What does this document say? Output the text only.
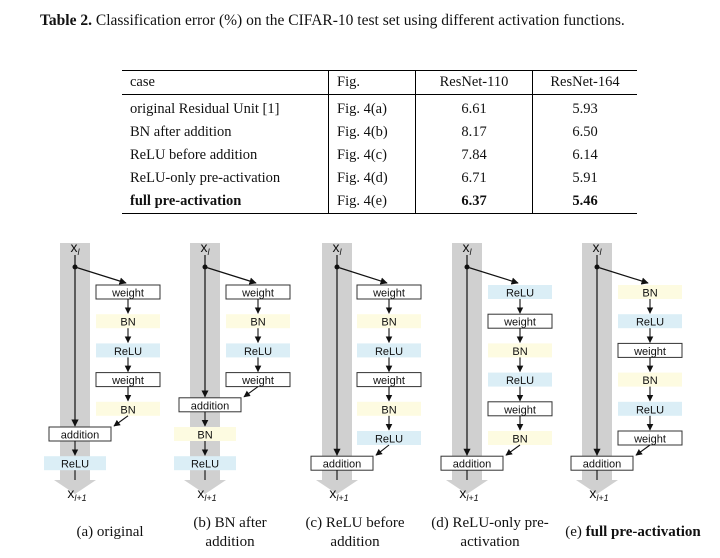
Table 2. Classification error (%) on the CIFAR-10 test set using different activation functions.
case	Fig.	ResNet-110	ResNet-164
original Residual Unit [1]	Fig. 4(a)	6.61	5.93
BN after addition	Fig. 4(b)	8.17	6.50
ReLU before addition	Fig. 4(c)	7.84	6.14
ReLU-only pre-activation	Fig. 4(d)	6.71	5.91
full pre-activation	Fig. 4(e)	6.37	5.46
$x_l$
$x_{l+1}$
weight
BN
ReLU
weight
BN
addition
ReLU
$x_l$
$x_{l+1}$
weight
BN
ReLU
weight
addition
BN
ReLU
$x_l$
$x_{l+1}$
weight
BN
ReLU
weight
BN
ReLU
addition
$x_l$
$x_{l+1}$
ReLU
weight
BN
ReLU
weight
BN
addition
$x_l$
$x_{l+1}$
BN
ReLU
weight
BN
ReLU
weight
addition
(a) original
(b) BN after addition
(c) ReLU before addition
(d) ReLU-only pre-activation
(e) full pre-activation
